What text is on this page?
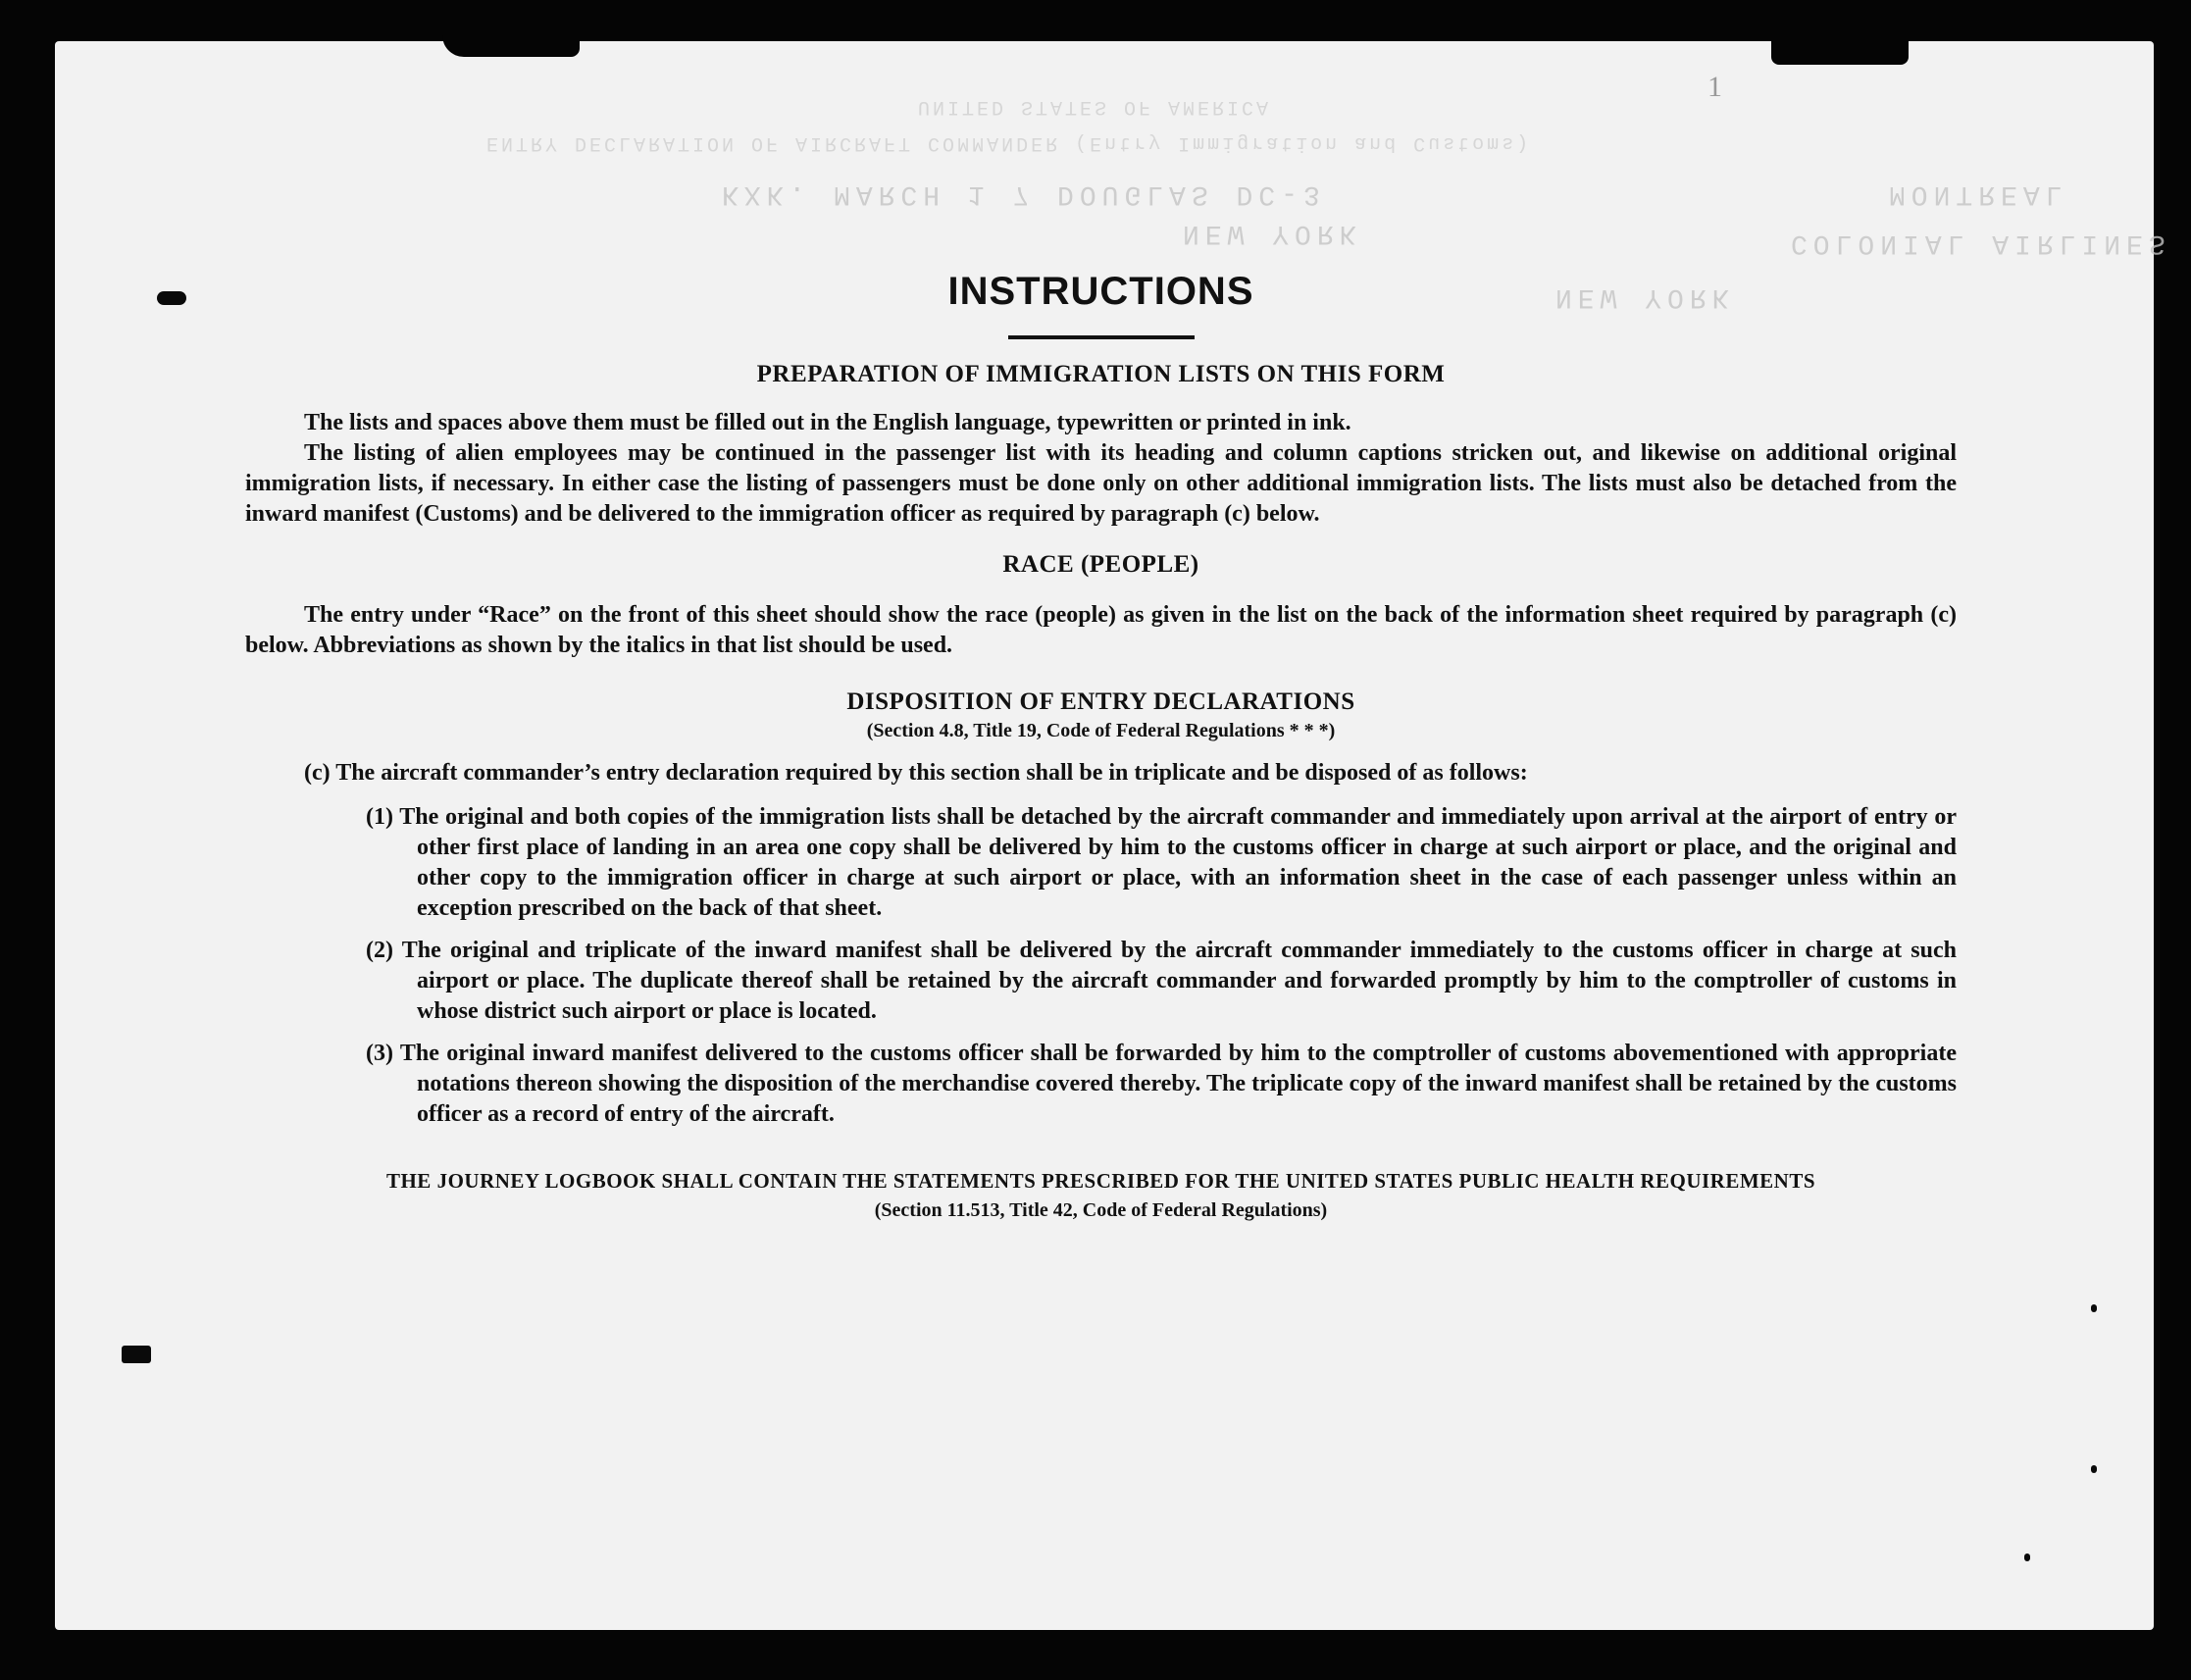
UNITED STATES OF AMERICA
ENTRY DECLARATION OF AIRCRAFT COMMANDER (Entry Immigration and Customs)
KXK. MARCH 1 7 DOUGLAS DC-3
NEW YORK
MONTREAL
COLONIAL AIRLINES
NEW YORK
1
INSTRUCTIONS

PREPARATION OF IMMIGRATION LISTS ON THIS FORM

The lists and spaces above them must be filled out in the English language, typewritten or printed in ink.

The listing of alien employees may be continued in the passenger list with its heading and column captions stricken out, and likewise on additional original immigration lists, if necessary. In either case the listing of passengers must be done only on other additional immigration lists. The lists must also be detached from the inward manifest (Customs) and be delivered to the immigration officer as required by paragraph (c) below.

RACE (PEOPLE)

The entry under “Race” on the front of this sheet should show the race (people) as given in the list on the back of the information sheet required by paragraph (c) below. Abbreviations as shown by the italics in that list should be used.

DISPOSITION OF ENTRY DECLARATIONS

(Section 4.8, Title 19, Code of Federal Regulations * * *)

(c) The aircraft commander’s entry declaration required by this section shall be in triplicate and be disposed of as follows:

(1) The original and both copies of the immigration lists shall be detached by the aircraft commander and immediately upon arrival at the airport of entry or other first place of landing in an area one copy shall be delivered by him to the customs officer in charge at such airport or place, and the original and other copy to the immigration officer in charge at such airport or place, with an information sheet in the case of each passenger unless within an exception prescribed on the back of that sheet.

(2) The original and triplicate of the inward manifest shall be delivered by the aircraft commander immediately to the customs officer in charge at such airport or place. The duplicate thereof shall be retained by the aircraft commander and forwarded promptly by him to the comptroller of customs in whose district such airport or place is located.

(3) The original inward manifest delivered to the customs officer shall be forwarded by him to the comptroller of customs abovementioned with appropriate notations thereon showing the disposition of the merchandise covered thereby. The triplicate copy of the inward manifest shall be retained by the customs officer as a record of entry of the aircraft.

THE JOURNEY LOGBOOK SHALL CONTAIN THE STATEMENTS PRESCRIBED FOR THE UNITED STATES PUBLIC HEALTH REQUIREMENTS

(Section 11.513, Title 42, Code of Federal Regulations)
